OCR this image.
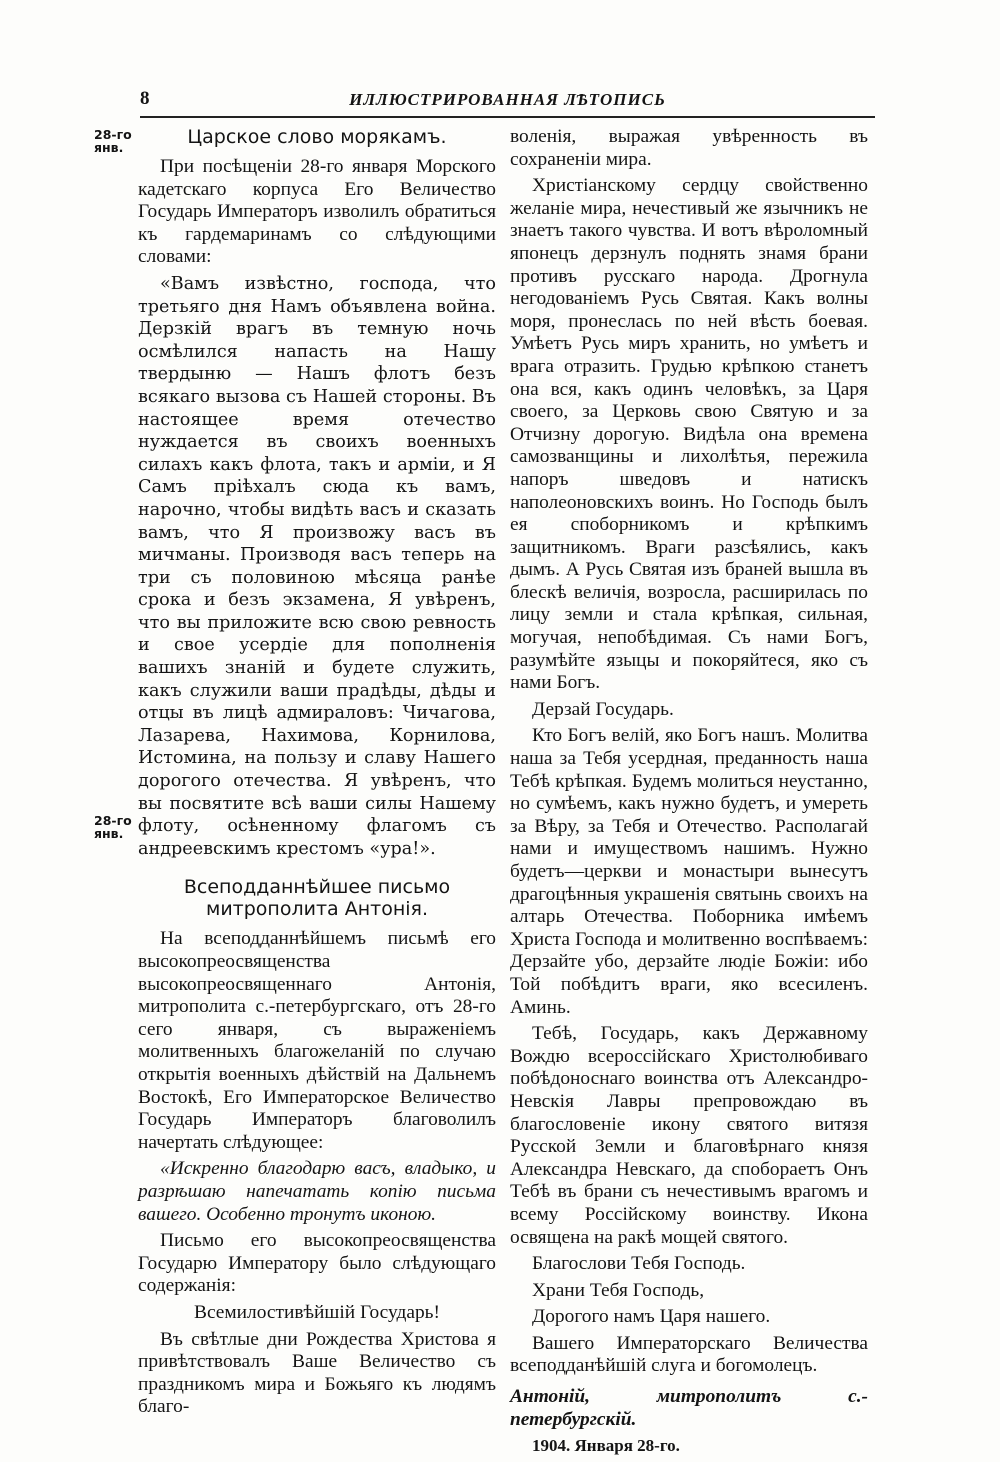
8	ИЛЛЮСТРИРОВАННАЯ ЛѢТОПИСЬ
28-го янв.
28-го янв.
Царское слово морякамъ.

При посѣщенiи 28-го января Морского кадетскаго корпуса Его Величество Государь Императоръ изволилъ обратиться къ гардемаринамъ со слѣдующими словами:

«Вамъ извѣстно, господа, что третьяго дня Намъ объявлена война. Дерзкiй врагъ въ темную ночь осмѣлился напасть на Нашу твердыню — Нашъ флотъ безъ всякаго вызова съ Нашей стороны. Въ настоящее время отечество нуждается въ своихъ военныхъ силахъ какъ флота, такъ и армiи, и Я Самъ прiѣхалъ сюда къ вамъ, нарочно, чтобы видѣть васъ и сказать вамъ, что Я произвожу васъ въ мичманы. Производя васъ теперь на три съ половиною мѣсяца ранѣе срока и безъ экзамена, Я увѣренъ, что вы приложите всю свою ревность и свое усердiе для пополненiя вашихъ знанiй и будете служить, какъ служили ваши прадѣды, дѣды и отцы въ лицѣ адмираловъ: Чичагова, Лазарева, Нахимова, Корнилова, Истомина, на пользу и славу Нашего дорогого отечества. Я увѣренъ, что вы посвятите всѣ ваши силы Нашему флоту, осѣненному флагомъ съ андреевскимъ крестомъ «ура!».

Всеподданнѣйшее письмо митрополита Антонiя.

На всеподданнѣйшемъ письмѣ его высокопреосвященства высокопреосвященнаго Антонiя, митрополита с.-петербургскаго, отъ 28-го сего января, съ выраженiемъ молитвенныхъ благожеланiй по случаю открытiя военныхъ дѣйствiй на Дальнемъ Востокѣ, Его Императорское Величество Государь Императоръ благоволилъ начертать слѣдующее:

«Искренно благодарю васъ, владыко, и разрѣшаю напечатать копiю письма вашего. Особенно тронутъ иконою.

Письмо его высокопреосвященства Государю Императору было слѣдующаго содержанiя:

Всемилостивѣйшiй Государь!

Въ свѣтлые дни Рождества Христова я привѣтствовалъ Ваше Величество съ праздникомъ мира и Божьяго къ людямъ благо-

воленiя, выражая увѣренность въ сохраненiи мира.

Христiанскому сердцу свойственно желанiе мира, нечестивый же язычникъ не знаетъ такого чувства. И вотъ вѣроломный японецъ дерзнулъ поднять знамя брани противъ русскаго народа. Дрогнула негодованiемъ Русь Святая. Какъ волны моря, пронеслась по ней вѣсть боевая. Умѣетъ Русь миръ хранить, но умѣетъ и врага отразить. Грудью крѣпкою станетъ она вся, какъ одинъ человѣкъ, за Царя своего, за Церковь свою Святую и за Отчизну дорогую. Видѣла она времена самозванщины и лихолѣтья, пережила напоръ шведовъ и натискъ наполеоновскихъ воинъ. Но Господь былъ ея споборникомъ и крѣпкимъ защитникомъ. Враги разсѣялись, какъ дымъ. А Русь Святая изъ браней вышла въ блескѣ величiя, возросла, расширилась по лицу земли и стала крѣпкая, сильная, могучая, непобѣдимая. Съ нами Богъ, разумѣйте языцы и покоряйтеся, яко съ нами Богъ.

Дерзай Государь.

Кто Богъ велiй, яко Богъ нашъ. Молитва наша за Тебя усердная, преданность наша Тебѣ крѣпкая. Будемъ молиться неустанно, но сумѣемъ, какъ нужно будетъ, и умереть за Вѣру, за Тебя и Отечество. Располагай нами и имуществомъ нашимъ. Нужно будетъ—церкви и монастыри вынесутъ драгоцѣнныя украшенiя святынь своихъ на алтарь Отечества. Поборника имѣемъ Христа Господа и молитвенно воспѣваемъ: Дерзайте убо, дерзайте людiе Божiи: ибо Той побѣдитъ враги, яко всесиленъ. Аминь.

Тебѣ, Государь, какъ Державному Вождю всероссiйскаго Христолюбиваго побѣдоноснаго воинства отъ Александро-Невскiя Лавры препровождаю въ благословенiе икону святого витязя Русской Земли и благовѣрнаго князя Александра Невскаго, да спобораетъ Онъ Тебѣ въ брани съ нечестивымъ врагомъ и всему Россiйскому воинству. Икона освящена на ракѣ мощей святого.

Благослови Тебя Господь.

Храни Тебя Господь,

Дорогого намъ Царя нашего.

Вашего Императорскаго Величества всеподданѣйшiй слуга и богомолецъ.

Антонiй, митрополитъ с.-петербургскiй.

1904. Января 28-го.
